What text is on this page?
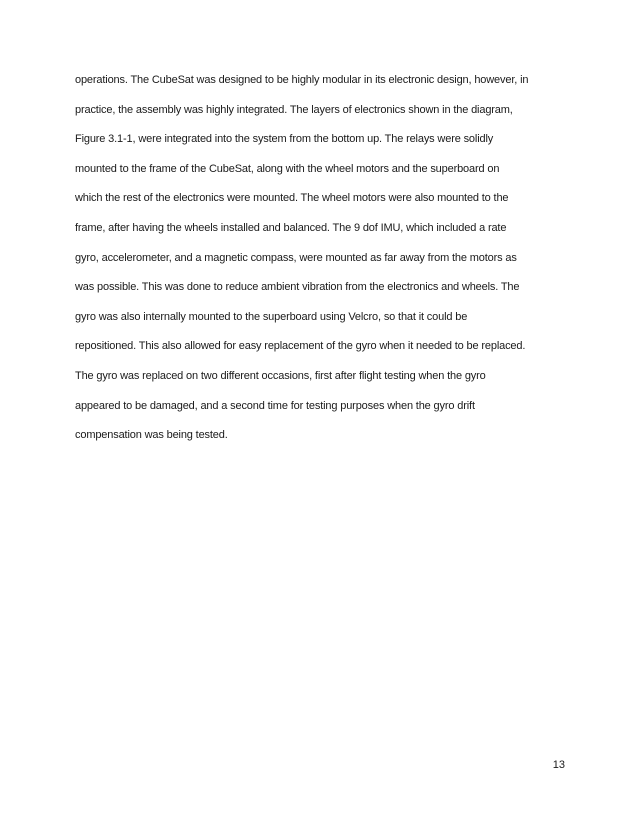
operations. The CubeSat was designed to be highly modular in its electronic design, however, in
practice, the assembly was highly integrated. The layers of electronics shown in the diagram,
Figure 3.1-1, were integrated into the system from the bottom up. The relays were solidly
mounted to the frame of the CubeSat, along with the wheel motors and the superboard on
which the rest of the electronics were mounted. The wheel motors were also mounted to the
frame, after having the wheels installed and balanced. The 9 dof IMU, which included a rate
gyro, accelerometer, and a magnetic compass, were mounted as far away from the motors as
was possible. This was done to reduce ambient vibration from the electronics and wheels. The
gyro was also internally mounted to the superboard using Velcro, so that it could be
repositioned. This also allowed for easy replacement of the gyro when it needed to be replaced.
The gyro was replaced on two different occasions, first after flight testing when the gyro
appeared to be damaged, and a second time for testing purposes when the gyro drift
compensation was being tested.
13
